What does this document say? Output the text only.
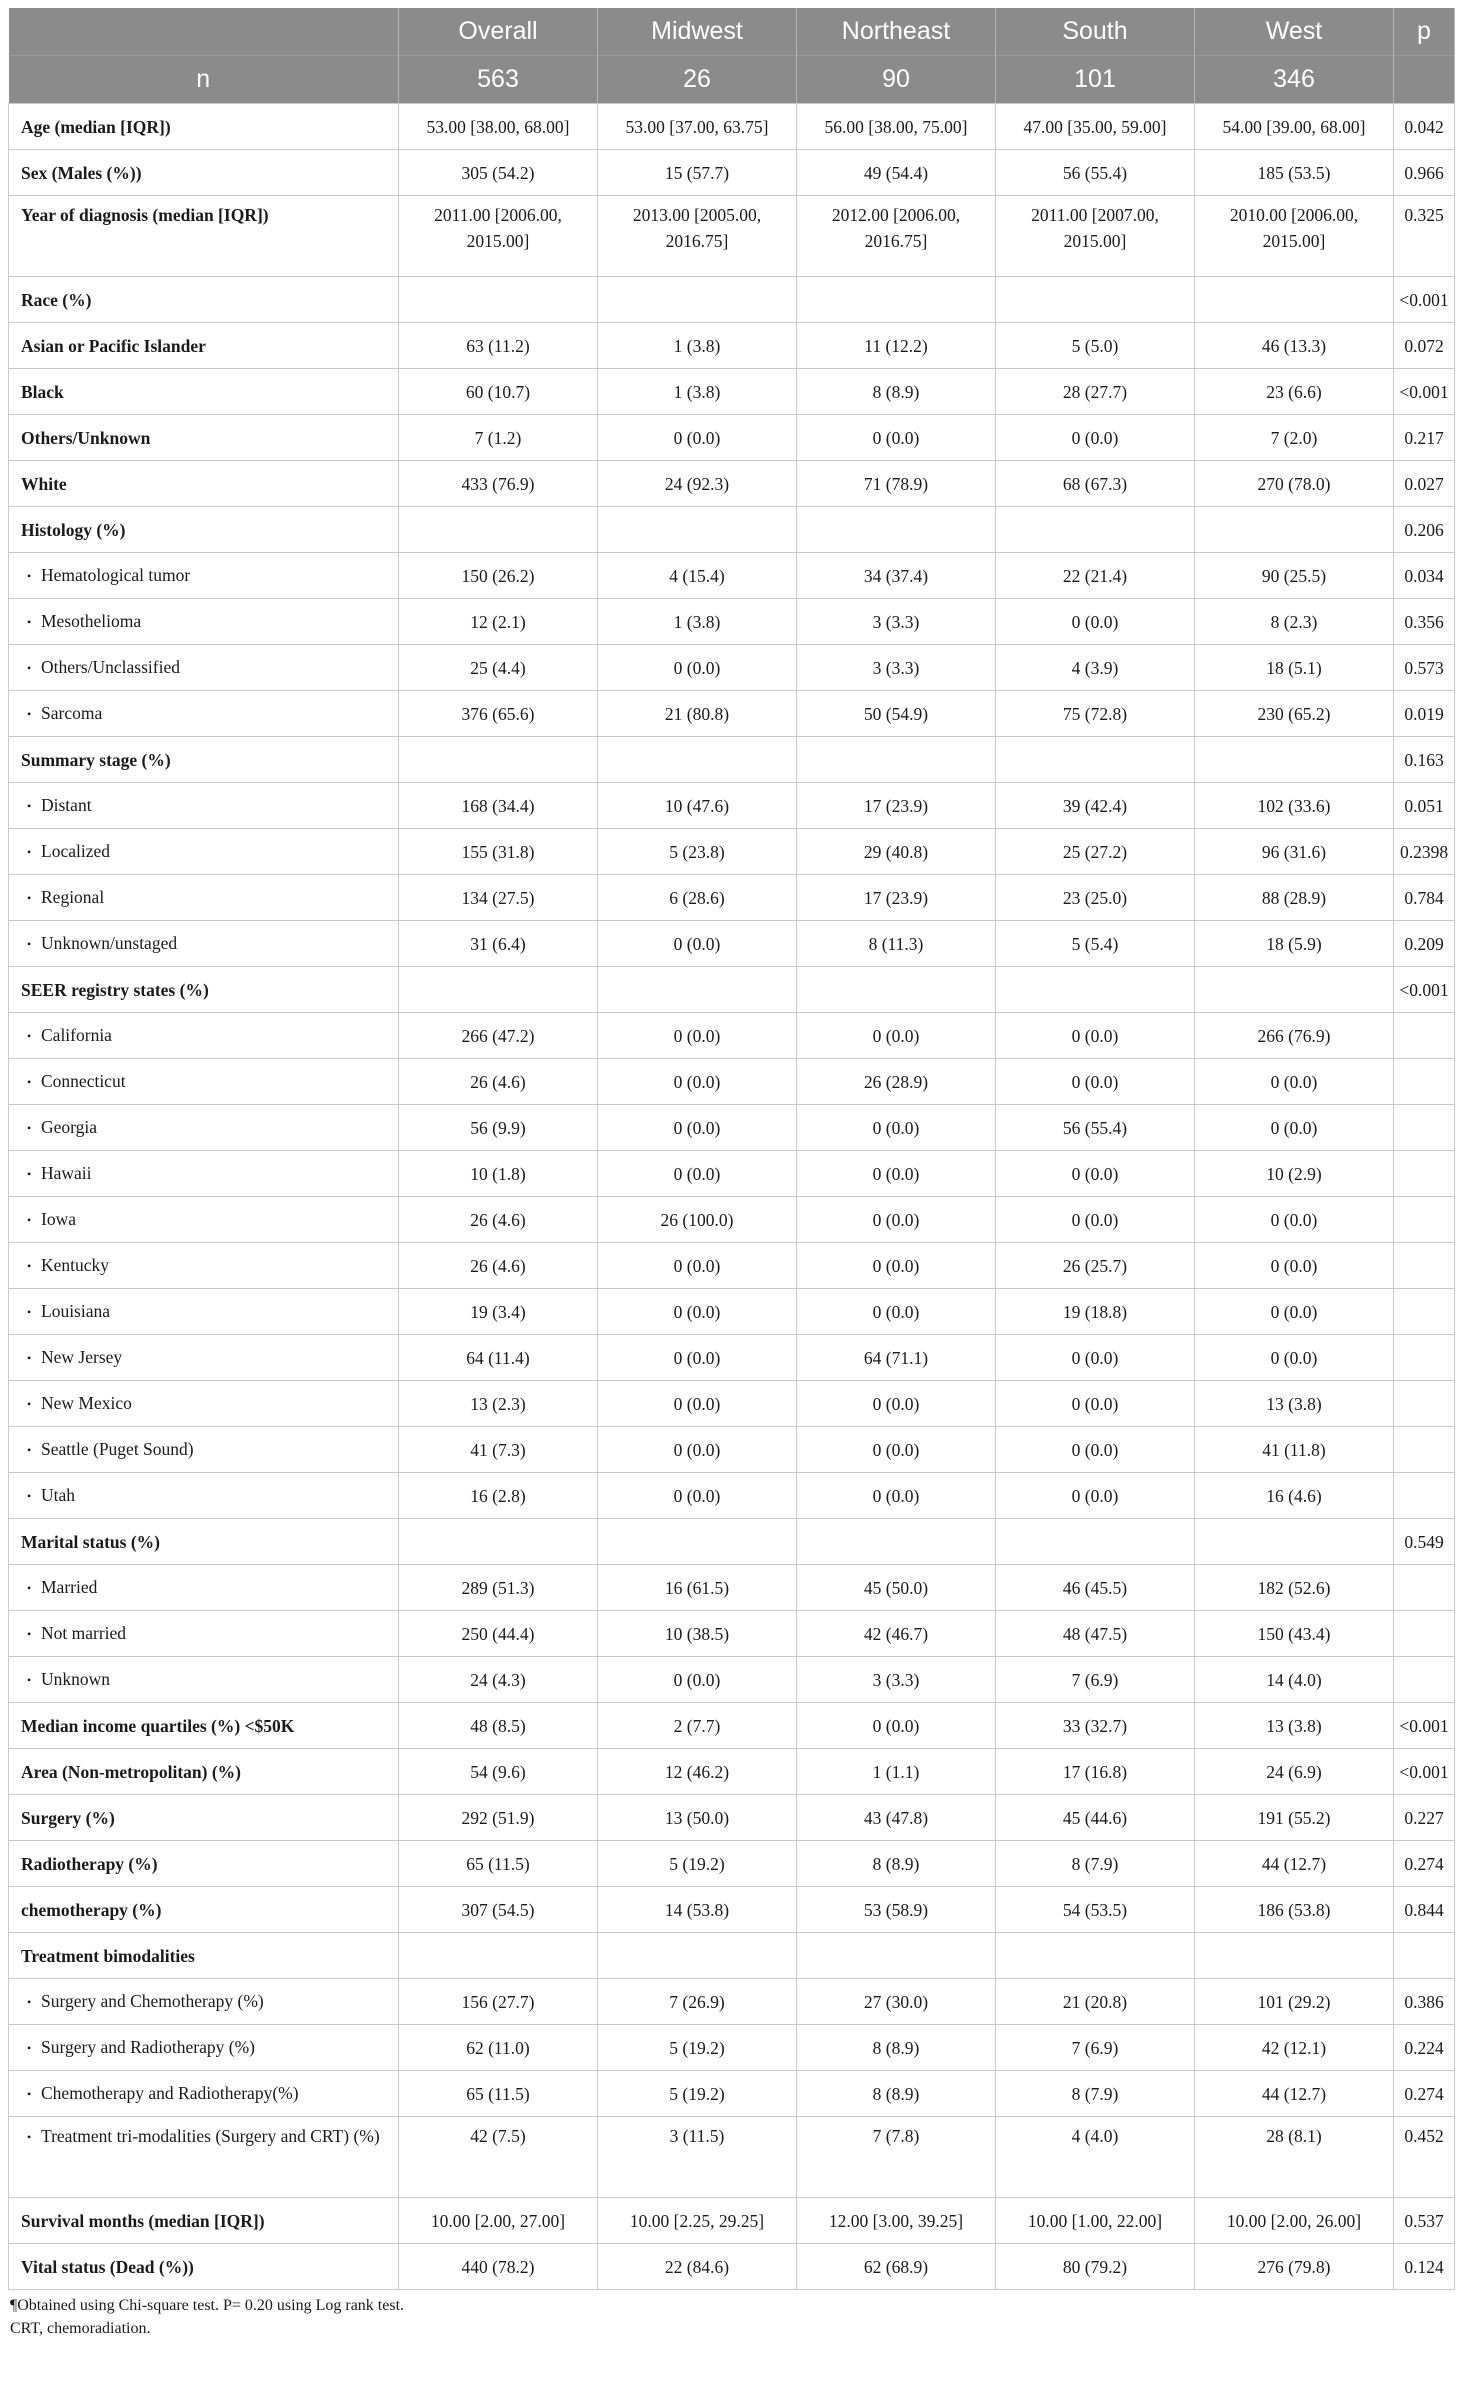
	Overall	Midwest	Northeast	South	West	p
n	563	26	90	101	346	
Age (median [IQR])	53.00 [38.00, 68.00]	53.00 [37.00, 63.75]	56.00 [38.00, 75.00]	47.00 [35.00, 59.00]	54.00 [39.00, 68.00]	0.042
Sex (Males (%))	305 (54.2)	15 (57.7)	49 (54.4)	56 (55.4)	185 (53.5)	0.966
Year of diagnosis (median [IQR])	2011.00 [2006.00, 2015.00]	2013.00 [2005.00, 2016.75]	2012.00 [2006.00, 2016.75]	2011.00 [2007.00, 2015.00]	2010.00 [2006.00, 2015.00]	0.325
Race (%)						<0.001
Asian or Pacific Islander	63 (11.2)	1 (3.8)	11 (12.2)	5 (5.0)	46 (13.3)	0.072
Black	60 (10.7)	1 (3.8)	8 (8.9)	28 (27.7)	23 (6.6)	<0.001
Others/Unknown	7 (1.2)	0 (0.0)	0 (0.0)	0 (0.0)	7 (2.0)	0.217
White	433 (76.9)	24 (92.3)	71 (78.9)	68 (67.3)	270 (78.0)	0.027
Histology (%)						0.206
• Hematological tumor	150 (26.2)	4 (15.4)	34 (37.4)	22 (21.4)	90 (25.5)	0.034
• Mesothelioma	12 (2.1)	1 (3.8)	3 (3.3)	0 (0.0)	8 (2.3)	0.356
• Others/Unclassified	25 (4.4)	0 (0.0)	3 (3.3)	4 (3.9)	18 (5.1)	0.573
• Sarcoma	376 (65.6)	21 (80.8)	50 (54.9)	75 (72.8)	230 (65.2)	0.019
Summary stage (%)						0.163
• Distant	168 (34.4)	10 (47.6)	17 (23.9)	39 (42.4)	102 (33.6)	0.051
• Localized	155 (31.8)	5 (23.8)	29 (40.8)	25 (27.2)	96 (31.6)	0.2398
• Regional	134 (27.5)	6 (28.6)	17 (23.9)	23 (25.0)	88 (28.9)	0.784
• Unknown/unstaged	31 (6.4)	0 (0.0)	8 (11.3)	5 (5.4)	18 (5.9)	0.209
SEER registry states (%)						<0.001
• California	266 (47.2)	0 (0.0)	0 (0.0)	0 (0.0)	266 (76.9)	
• Connecticut	26 (4.6)	0 (0.0)	26 (28.9)	0 (0.0)	0 (0.0)	
• Georgia	56 (9.9)	0 (0.0)	0 (0.0)	56 (55.4)	0 (0.0)	
• Hawaii	10 (1.8)	0 (0.0)	0 (0.0)	0 (0.0)	10 (2.9)	
• Iowa	26 (4.6)	26 (100.0)	0 (0.0)	0 (0.0)	0 (0.0)	
• Kentucky	26 (4.6)	0 (0.0)	0 (0.0)	26 (25.7)	0 (0.0)	
• Louisiana	19 (3.4)	0 (0.0)	0 (0.0)	19 (18.8)	0 (0.0)	
• New Jersey	64 (11.4)	0 (0.0)	64 (71.1)	0 (0.0)	0 (0.0)	
• New Mexico	13 (2.3)	0 (0.0)	0 (0.0)	0 (0.0)	13 (3.8)	
• Seattle (Puget Sound)	41 (7.3)	0 (0.0)	0 (0.0)	0 (0.0)	41 (11.8)	
• Utah	16 (2.8)	0 (0.0)	0 (0.0)	0 (0.0)	16 (4.6)	
Marital status (%)						0.549
• Married	289 (51.3)	16 (61.5)	45 (50.0)	46 (45.5)	182 (52.6)	
• Not married	250 (44.4)	10 (38.5)	42 (46.7)	48 (47.5)	150 (43.4)	
• Unknown	24 (4.3)	0 (0.0)	3 (3.3)	7 (6.9)	14 (4.0)	
Median income quartiles (%) <$50K	48 (8.5)	2 (7.7)	0 (0.0)	33 (32.7)	13 (3.8)	<0.001
Area (Non-metropolitan) (%)	54 (9.6)	12 (46.2)	1 (1.1)	17 (16.8)	24 (6.9)	<0.001
Surgery (%)	292 (51.9)	13 (50.0)	43 (47.8)	45 (44.6)	191 (55.2)	0.227
Radiotherapy (%)	65 (11.5)	5 (19.2)	8 (8.9)	8 (7.9)	44 (12.7)	0.274
chemotherapy (%)	307 (54.5)	14 (53.8)	53 (58.9)	54 (53.5)	186 (53.8)	0.844
Treatment bimodalities						
• Surgery and Chemotherapy (%)	156 (27.7)	7 (26.9)	27 (30.0)	21 (20.8)	101 (29.2)	0.386
• Surgery and Radiotherapy (%)	62 (11.0)	5 (19.2)	8 (8.9)	7 (6.9)	42 (12.1)	0.224
• Chemotherapy and Radiotherapy(%)	65 (11.5)	5 (19.2)	8 (8.9)	8 (7.9)	44 (12.7)	0.274
• Treatment tri-modalities (Surgery and CRT) (%)	42 (7.5)	3 (11.5)	7 (7.8)	4 (4.0)	28 (8.1)	0.452
Survival months (median [IQR])	10.00 [2.00, 27.00]	10.00 [2.25, 29.25]	12.00 [3.00, 39.25]	10.00 [1.00, 22.00]	10.00 [2.00, 26.00]	0.537
Vital status (Dead (%))	440 (78.2)	22 (84.6)	62 (68.9)	80 (79.2)	276 (79.8)	0.124
¶Obtained using Chi-square test. P= 0.20 using Log rank test.
CRT, chemoradiation.
